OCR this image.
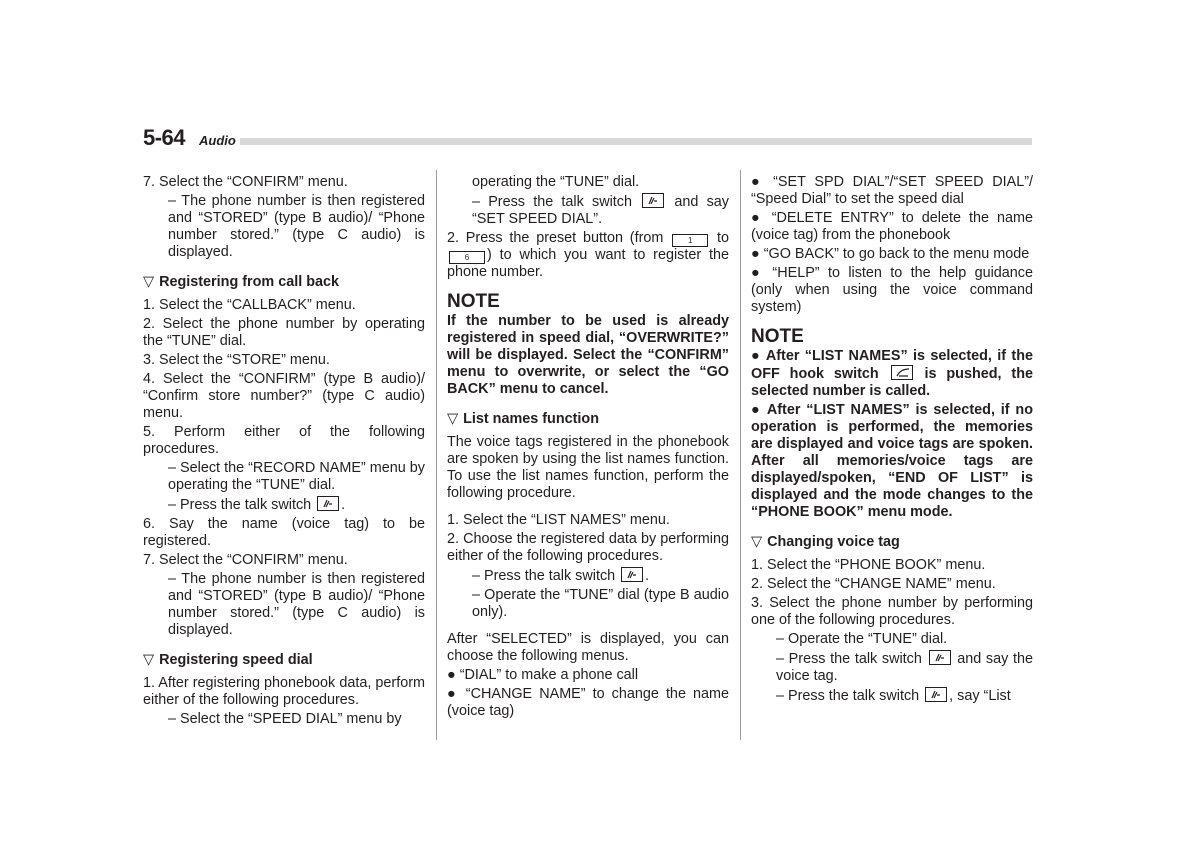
5-64 Audio

7. Select the “CONFIRM” menu.

– The phone number is then registered and “STORED” (type B audio)/ “Phone number stored.” (type C audio) is displayed.

▽ Registering from call back

1. Select the “CALLBACK” menu.

2. Select the phone number by operating the “TUNE” dial.

3. Select the “STORE” menu.

4. Select the “CONFIRM” (type B audio)/ “Confirm store number?” (type C audio) menu.

5. Perform either of the following procedures.

– Select the “RECORD NAME” menu by operating the “TUNE” dial.

– Press the talk switch .

6. Say the name (voice tag) to be registered.

7. Select the “CONFIRM” menu.

– The phone number is then registered and “STORED” (type B audio)/ “Phone number stored.” (type C audio) is displayed.

▽ Registering speed dial

1. After registering phonebook data, perform either of the following procedures.

– Select the “SPEED DIAL” menu by

operating the “TUNE” dial.

– Press the talk switch	and say “SET SPEED DIAL”.

2. Press the preset button (from	1 to 6 ) to which you want to register the phone number.

NOTE

If the number to be used is already registered in speed dial, “OVERWRITE?” will be displayed. Select the “CONFIRM” menu to overwrite, or select the “GO BACK” menu to cancel.

▽ List names function

The voice tags registered in the phonebook are spoken by using the list names function. To use the list names function, perform the following procedure.

1. Select the “LIST NAMES” menu.

2. Choose the registered data by performing either of the following procedures.

– Press the talk switch .

– Operate the “TUNE” dial (type B audio only).

After “SELECTED” is displayed, you can choose the following menus.

● “DIAL” to make a phone call

● “CHANGE NAME” to change the name (voice tag)

● “SET SPD DIAL”/“SET SPEED DIAL”/ “Speed Dial” to set the speed dial

● “DELETE ENTRY” to delete the name (voice tag) from the phonebook

● “GO BACK” to go back to the menu mode

● “HELP” to listen to the help guidance (only when using the voice command system)

NOTE

● After “LIST NAMES” is selected, if the OFF hook switch	is pushed, the selected number is called.

● After “LIST NAMES” is selected, if no operation is performed, the memories are displayed and voice tags are spoken. After all memories/voice tags are displayed/spoken, “END OF LIST” is displayed and the mode changes to the “PHONE BOOK” menu mode.

▽ Changing voice tag

1. Select the “PHONE BOOK” menu.

2. Select the “CHANGE NAME” menu.

3. Select the phone number by performing one of the following procedures.

– Operate the “TUNE” dial.

– Press the talk switch and say the voice tag.

– Press the talk switch , say “List
